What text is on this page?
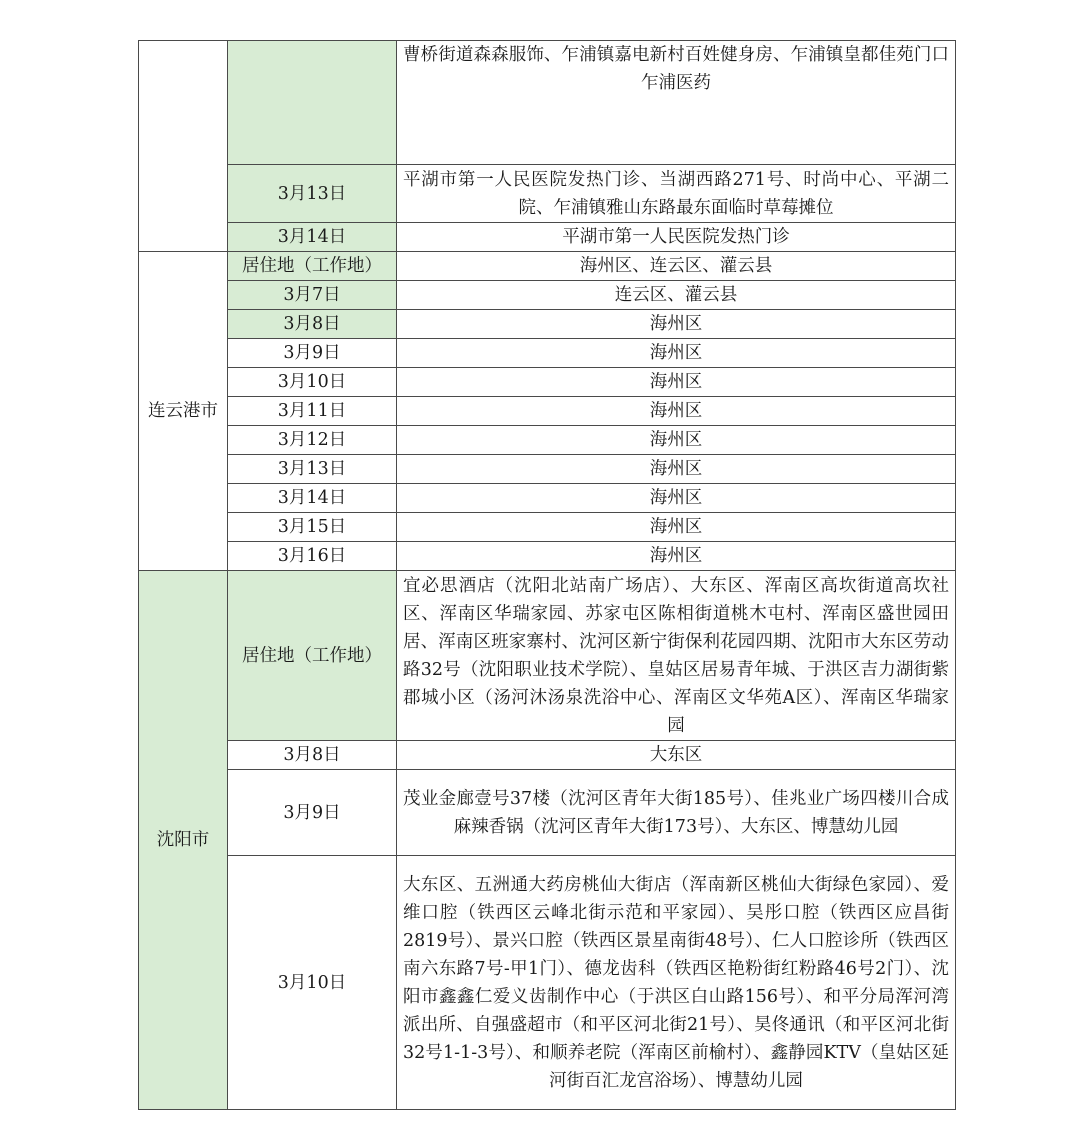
		曹桥街道森森服饰、乍浦镇嘉电新村百姓健身房、乍浦镇皇都佳苑门口乍浦医药
	3月13日	平湖市第一人民医院发热门诊、当湖西路271号、时尚中心、平湖二院、乍浦镇雅山东路最东面临时草莓摊位
	3月14日	平湖市第一人民医院发热门诊
连云港市	居住地（工作地）	海州区、连云区、灌云县
	3月7日	连云区、灌云县
	3月8日	海州区
	3月9日	海州区
	3月10日	海州区
	3月11日	海州区
	3月12日	海州区
	3月13日	海州区
	3月14日	海州区
	3月15日	海州区
	3月16日	海州区
沈阳市	居住地（工作地）	宜必思酒店（沈阳北站南广场店）、大东区、浑南区高坎街道高坎社区、浑南区华瑞家园、苏家屯区陈相街道桃木屯村、浑南区盛世园田居、浑南区班家寨村、沈河区新宁街保利花园四期、沈阳市大东区劳动路32号（沈阳职业技术学院）、皇姑区居易青年城、于洪区吉力湖街紫郡城小区（汤河沐汤泉洗浴中心、浑南区文华苑A区）、浑南区华瑞家园
	3月8日	大东区
	3月9日	茂业金廊壹号37楼（沈河区青年大街185号）、佳兆业广场四楼川合成麻辣香锅（沈河区青年大街173号）、大东区、博慧幼儿园
	3月10日	大东区、五洲通大药房桃仙大街店（浑南新区桃仙大街绿色家园）、爱维口腔（铁西区云峰北街示范和平家园）、吴彤口腔（铁西区应昌街2819号）、景兴口腔（铁西区景星南街48号）、仁人口腔诊所（铁西区南六东路7号-甲1门）、德龙齿科（铁西区艳粉街红粉路46号2门）、沈阳市鑫鑫仁爱义齿制作中心（于洪区白山路156号）、和平分局浑河湾派出所、自强盛超市（和平区河北街21号）、昊佟通讯（和平区河北街32号1-1-3号）、和顺养老院（浑南区前榆村）、鑫静园KTV（皇姑区延河街百汇龙宫浴场）、博慧幼儿园
